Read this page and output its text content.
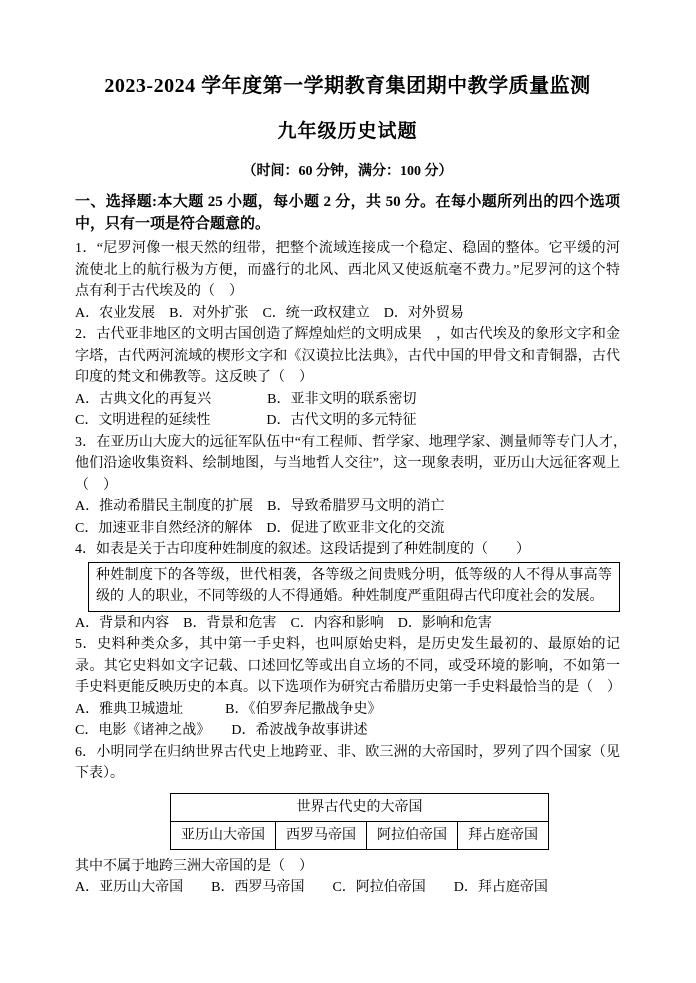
2023-2024 学年度第一学期教育集团期中教学质量监测
九年级历史试题

（时间：60 分钟，满分：100 分）

一、选择题:本大题 25 小题，每小题 2 分，共 50 分。在每小题所列出的四个选项中，只有一项是符合题意的。

1．“尼罗河像一根天然的纽带，把整个流域连接成一个稳定、稳固的整体。它平缓的河流使北上的航行极为方便，而盛行的北风、西北风又使返航毫不费力。”尼罗河的这个特点有利于古代埃及的（　）

A．农业发展　B．对外扩张　C．统一政权建立　D．对外贸易

2．古代亚非地区的文明古国创造了辉煌灿烂的文明成果　，如古代埃及的象形文字和金字塔，古代两河流域的楔形文字和《汉谟拉比法典》，古代中国的甲骨文和青铜器，古代印度的梵文和佛教等。这反映了（　）

A．古典文化的再复兴　　　　B．亚非文明的联系密切

C．文明进程的延续性　　　　D．古代文明的多元特征

3．在亚历山大庞大的远征军队伍中“有工程师、哲学家、地理学家、测量师等专门人才，　他们沿途收集资料、绘制地图，与当地哲人交往”，这一现象表明，亚历山大远征客观上（　）

A．推动希腊民主制度的扩展　B．导致希腊罗马文明的消亡

C．加速亚非自然经济的解体　D．促进了欧亚非文化的交流

4．如表是关于古印度种姓制度的叙述。这段话提到了种姓制度的（　　）

种姓制度下的各等级，世代相袭，各等级之间贵贱分明，低等级的人不得从事高等级的 人的职业，不同等级的人不得通婚。种姓制度严重阻碍古代印度社会的发展。

A．背景和内容　B．背景和危害　C．内容和影响　D．影响和危害

5．史料种类众多，其中第一手史料，也叫原始史料，是历史发生最初的、最原始的记录。其它史料如文字记载、口述回忆等或出自立场的不同，或受环境的影响，不如第一手史料更能反映历史的本真。以下选项作为研究古希腊历史第一手史料最恰当的是（　）

A．雅典卫城遗址　　　B．《伯罗奔尼撒战争史》

C．电影《诸神之战》　　D．希波战争故事讲述

6．小明同学在归纳世界古代史上地跨亚、非、欧三洲的大帝国时，罗列了四个国家（见下表）。

世界古代史的大帝国
亚历山大帝国	西罗马帝国	阿拉伯帝国	拜占庭帝国

其中不属于地跨三洲大帝国的是（　）

A．亚历山大帝国　　B．西罗马帝国　　C．阿拉伯帝国　　D．拜占庭帝国
